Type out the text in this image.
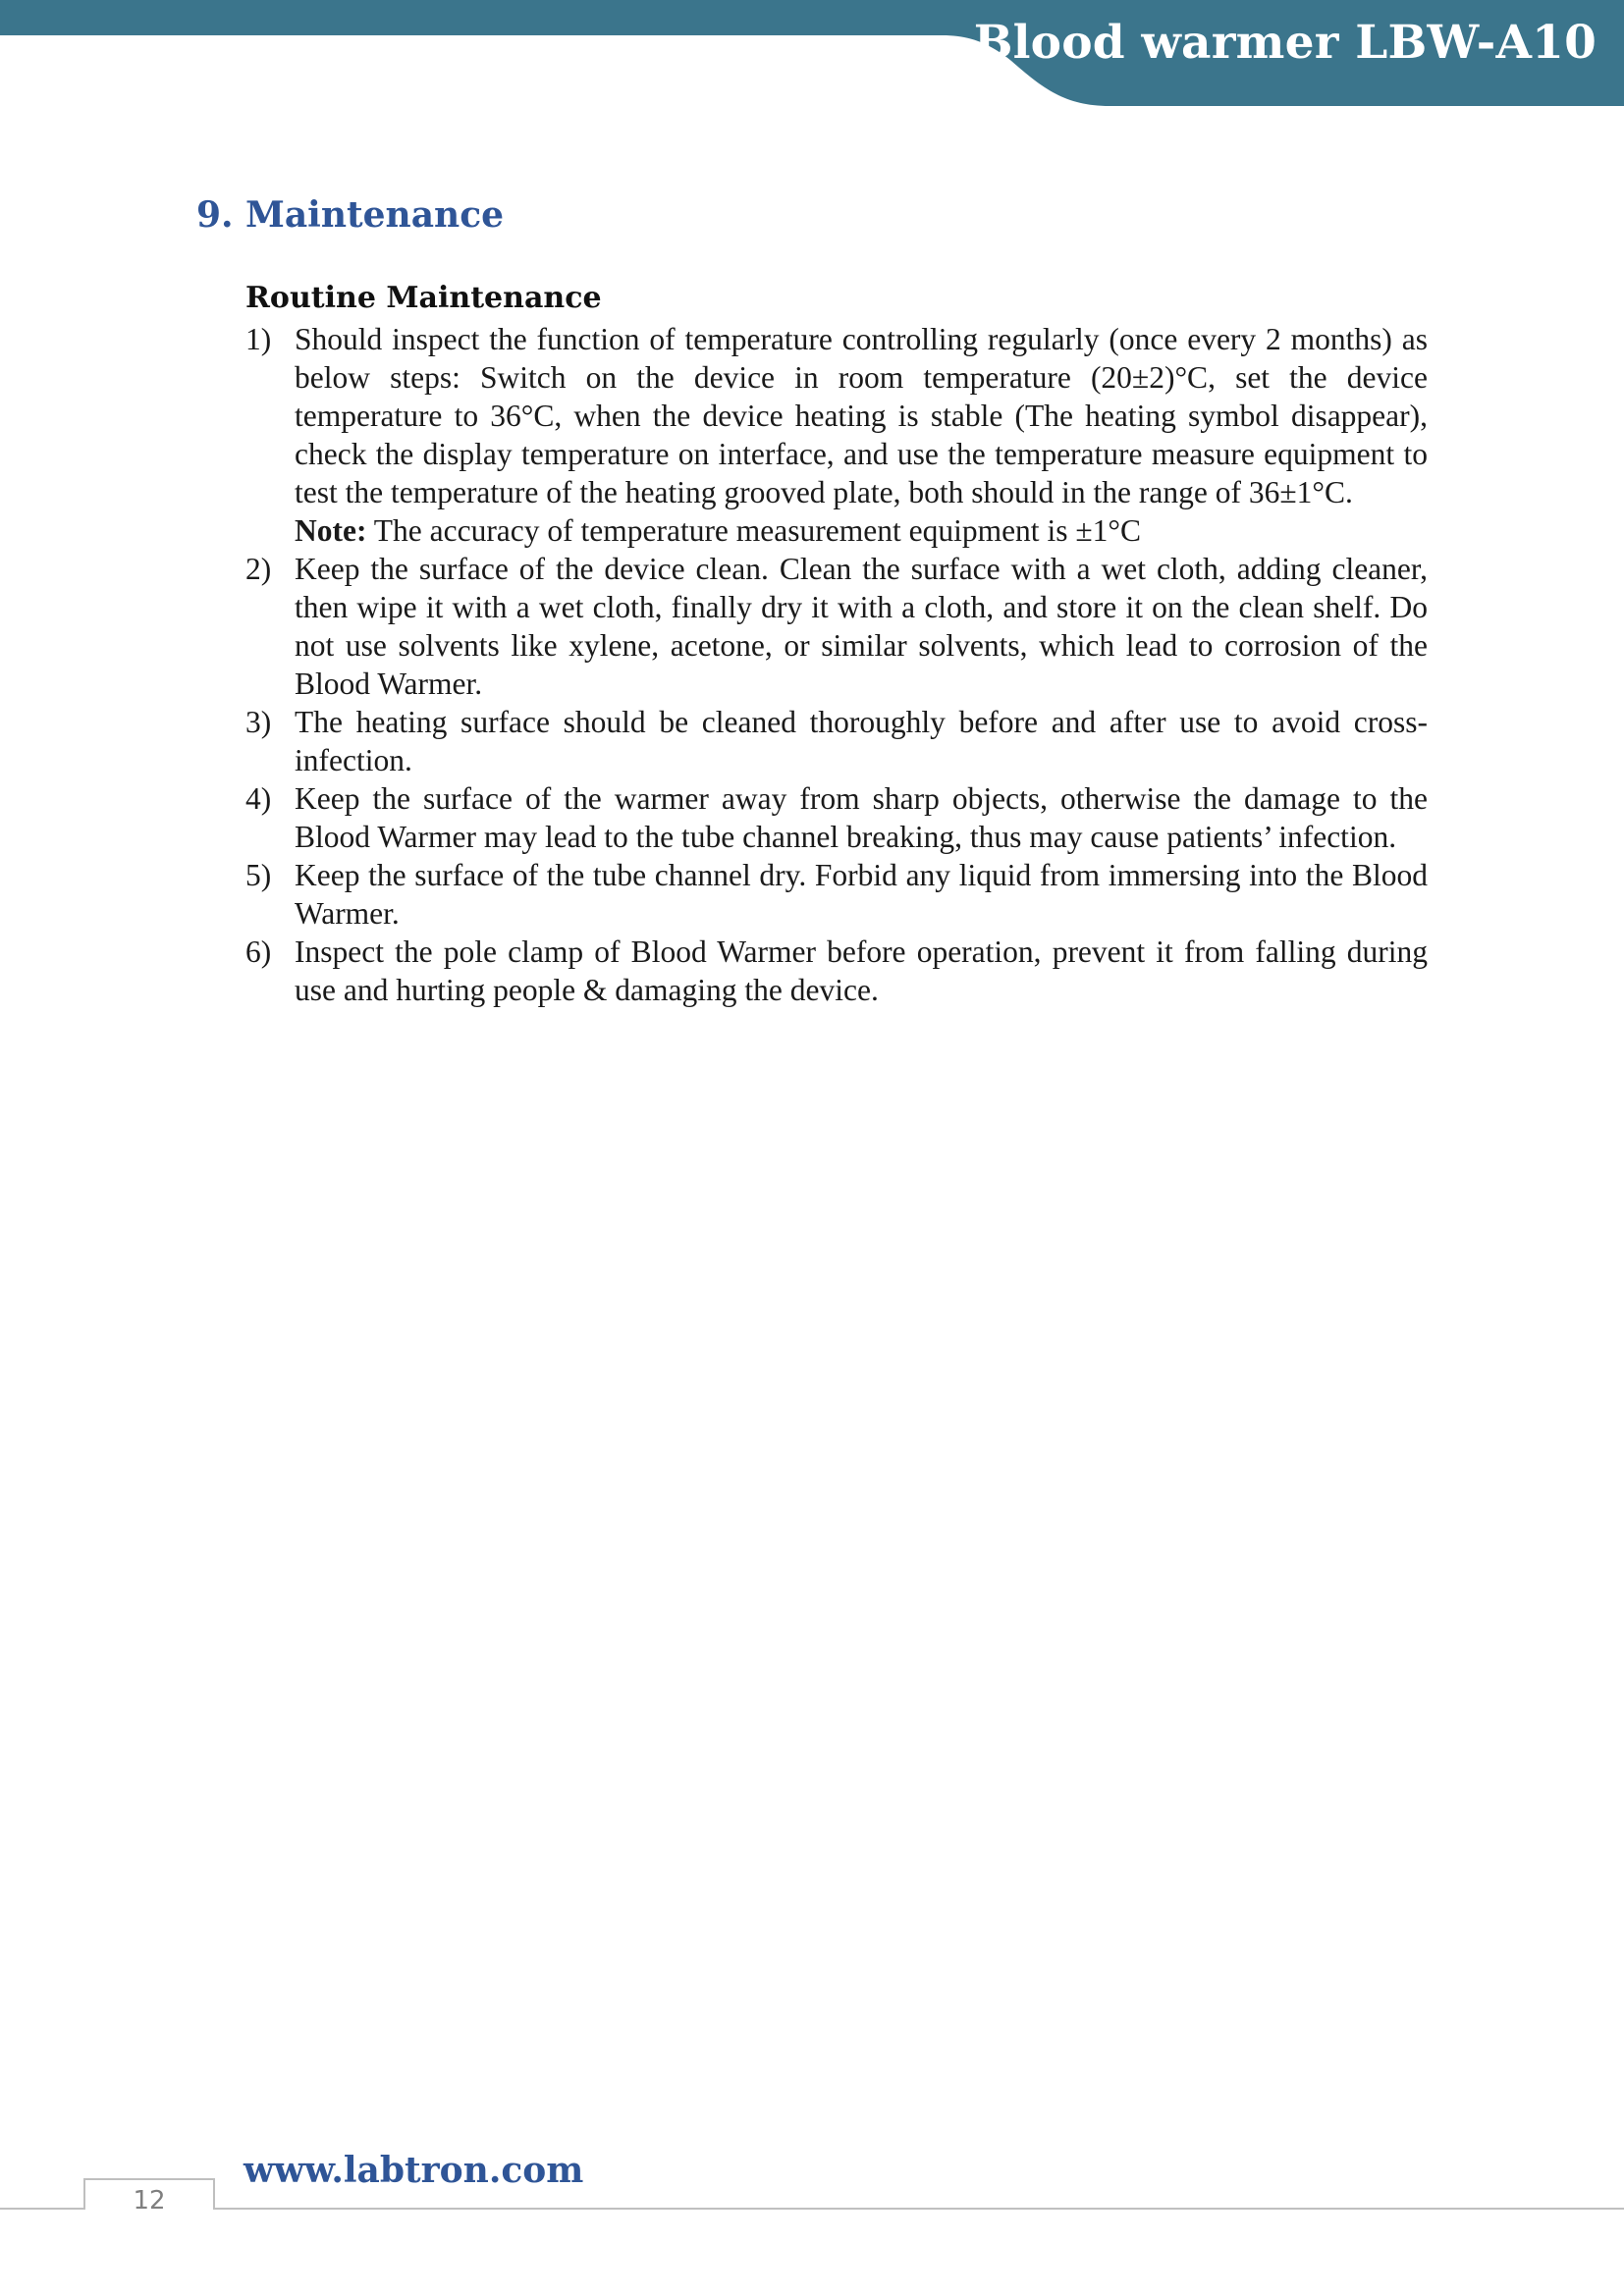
Blood warmer LBW-A10
9. Maintenance
Routine Maintenance
1) Should inspect the function of temperature controlling regularly (once every 2 months) as below steps: Switch on the device in room temperature (20±2)°C, set the device temperature to 36°C, when the device heating is stable (The heating symbol disappear), check the display temperature on interface, and use the temperature measure equipment to test the temperature of the heating grooved plate, both should in the range of 36±1°C.
Note: The accuracy of temperature measurement equipment is ±1°C
2) Keep the surface of the device clean. Clean the surface with a wet cloth, adding cleaner, then wipe it with a wet cloth, finally dry it with a cloth, and store it on the clean shelf. Do not use solvents like xylene, acetone, or similar solvents, which lead to corrosion of the Blood Warmer.
3) The heating surface should be cleaned thoroughly before and after use to avoid cross-infection.
4) Keep the surface of the warmer away from sharp objects, otherwise the damage to the Blood Warmer may lead to the tube channel breaking, thus may cause patients’ infection.
5) Keep the surface of the tube channel dry. Forbid any liquid from immersing into the Blood Warmer.
6) Inspect the pole clamp of Blood Warmer before operation, prevent it from falling during use and hurting people & damaging the device.
www.labtron.com
12
